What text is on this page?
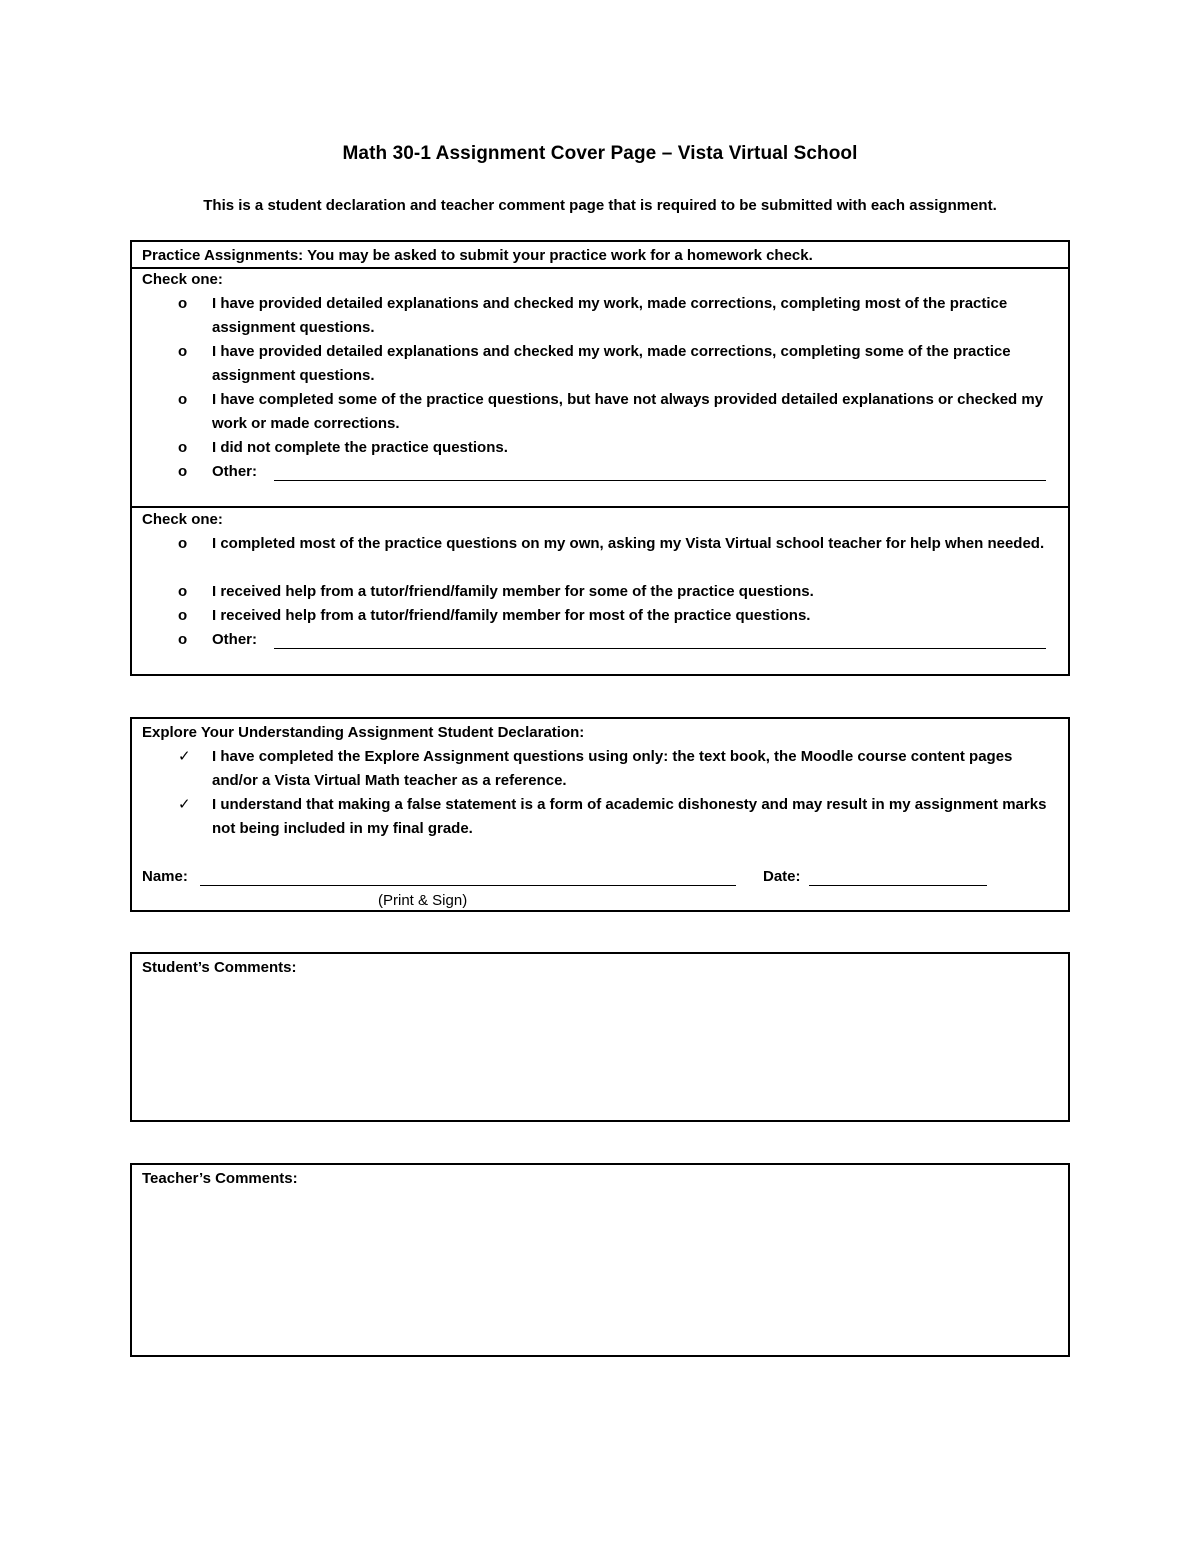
Math 30-1 Assignment Cover Page – Vista Virtual School
This is a student declaration and teacher comment page that is required to be submitted with each assignment.
Practice Assignments: You may be asked to submit your practice work for a homework check.
Check one:
o I have provided detailed explanations and checked my work, made corrections, completing most of the practice assignment questions.
o I have provided detailed explanations and checked my work, made corrections, completing some of the practice assignment questions.
o I have completed some of the practice questions, but have not always provided detailed explanations or checked my work or made corrections.
o I did not complete the practice questions.
o Other:
Check one:
o I completed most of the practice questions on my own, asking my Vista Virtual school teacher for help when needed.
o I received help from a tutor/friend/family member for some of the practice questions.
o I received help from a tutor/friend/family member for most of the practice questions.
o Other:
Explore Your Understanding Assignment Student Declaration:
✓ I have completed the Explore Assignment questions using only: the text book, the Moodle course content pages and/or a Vista Virtual Math teacher as a reference.
✓ I understand that making a false statement is a form of academic dishonesty and may result in my assignment marks not being included in my final grade.
Name:	Date:
(Print & Sign)
Student’s Comments:
Teacher’s Comments:
